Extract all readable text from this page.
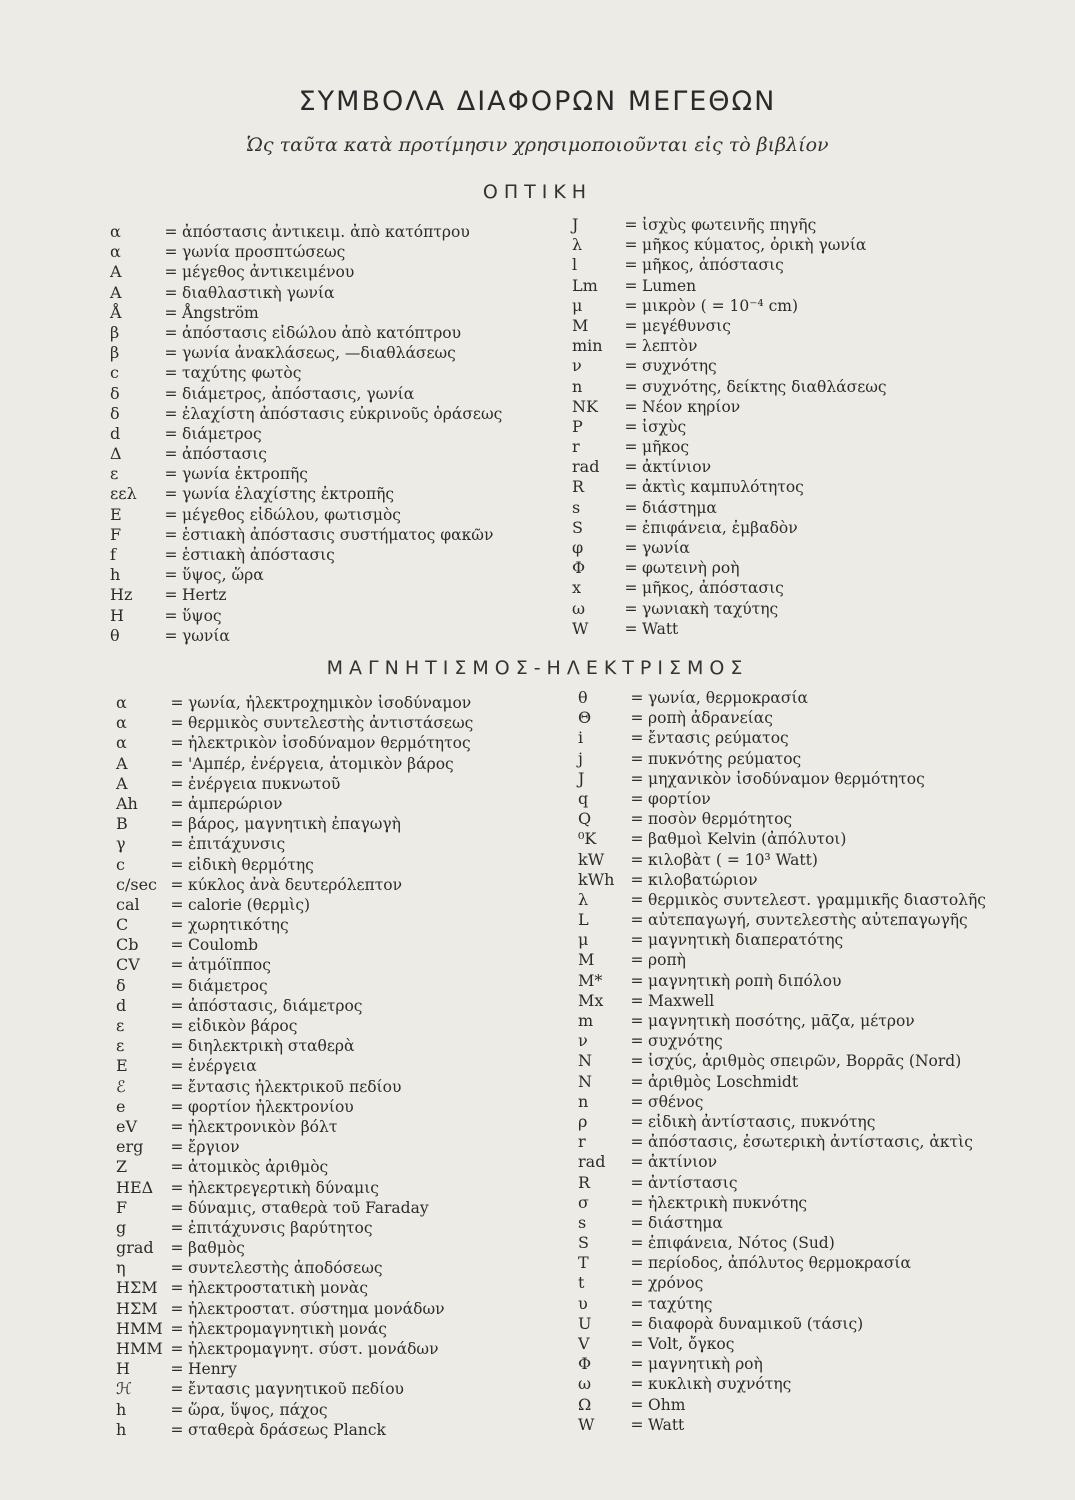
ΣΥΜΒΟΛΑ ΔΙΑΦΟΡΩΝ ΜΕΓΕΘΩΝ
Ὡς ταῦτα κατὰ προτίμησιν χρησιμοποιοῦνται εἰς τὸ βιβλίον
ΟΠΤΙΚΗ
α	= ἀπόστασις ἀντικειμ. ἀπὸ κατόπτρου
α	= γωνία προσπτώσεως
Α	= μέγεθος ἀντικειμένου
Α	= διαθλαστικὴ γωνία
Å	= Ångström
β	= ἀπόστασις εἰδώλου ἀπὸ κατόπτρου
β	= γωνία ἀνακλάσεως, —διαθλάσεως
c	= ταχύτης φωτὸς
δ	= διάμετρος, ἀπόστασις, γωνία
δ	= ἐλαχίστη ἀπόστασις εὐκρινοῦς ὁράσεως
d	= διάμετρος
Δ	= ἀπόστασις
ε	= γωνία ἐκτροπῆς
εελ	= γωνία ἐλαχίστης ἐκτροπῆς
Ε	= μέγεθος εἰδώλου, φωτισμὸς
F	= ἑστιακὴ ἀπόστασις συστήματος φακῶν
f	= ἑστιακὴ ἀπόστασις
h	= ὕψος, ὥρα
Hz	= Hertz
Η	= ὕψος
θ	= γωνία
J	= ἰσχὺς φωτεινῆς πηγῆς
λ	= μῆκος κύματος, ὁρικὴ γωνία
l	= μῆκος, ἀπόστασις
Lm	= Lumen
μ	= μικρὸν ( = 10⁻⁴ cm)
Μ	= μεγέθυνσις
min	= λεπτὸν
ν	= συχνότης
n	= συχνότης, δείκτης διαθλάσεως
NK	= Νέον κηρίον
P	= ἰσχὺς
r	= μῆκος
rad	= ἀκτίνιον
R	= ἀκτὶς καμπυλότητος
s	= διάστημα
S	= ἐπιφάνεια, ἐμβαδὸν
φ	= γωνία
Φ	= φωτεινὴ ροὴ
x	= μῆκος, ἀπόστασις
ω	= γωνιακὴ ταχύτης
W	= Watt
ΜΑΓΝΗΤΙΣΜΟΣ-ΗΛΕΚΤΡΙΣΜΟΣ
α	= γωνία, ἠλεκτροχημικὸν ἰσοδύναμον
α	= θερμικὸς συντελεστὴς ἀντιστάσεως
α	= ἠλεκτρικὸν ἰσοδύναμον θερμότητος
Α	= 'Αμπέρ, ἐνέργεια, ἀτομικὸν βάρος
Α	= ἐνέργεια πυκνωτοῦ
Ah	= ἀμπερώριον
Β	= βάρος, μαγνητικὴ ἐπαγωγὴ
γ	= ἐπιτάχυνσις
c	= εἰδικὴ θερμότης
c/sec = κύκλος ἀνὰ δευτερόλεπτον
cal	= calorie (θερμὶς)
C	= χωρητικότης
Cb	= Coulomb
CV	= ἀτμόϊππος
δ	= διάμετρος
d	= ἀπόστασις, διάμετρος
ε	= εἰδικὸν βάρος
ε	= διηλεκτρικὴ σταθερὰ
Ε	= ἐνέργεια
ℰ	= ἔντασις ἠλεκτρικοῦ πεδίου
e	= φορτίον ἠλεκτρονίου
eV	= ἠλεκτρονικὸν βόλτ
erg	= ἔργιον
Z	= ἀτομικὸς ἀριθμὸς
ΗΕΔ	= ἠλεκτρεγερτικὴ δύναμις
F	= δύναμις, σταθερὰ τοῦ Faraday
g	= ἐπιτάχυνσις βαρύτητος
grad	= βαθμὸς
η	= συντελεστὴς ἀποδόσεως
ΗΣΜ = ἠλεκτροστατικὴ μονὰς
ΗΣΜ = ἠλεκτροστατ. σύστημα μονάδων
ΗΜΜ = ἠλεκτρομαγνητικὴ μονάς
ΗΜΜ = ἠλεκτρομαγνητ. σύστ. μονάδων
Η	= Henry
ℋ	= ἔντασις μαγνητικοῦ πεδίου
h	= ὥρα, ὕψος, πάχος
h	= σταθερὰ δράσεως Planck
θ	= γωνία, θερμοκρασία
Θ	= ροπὴ ἀδρανείας
i	= ἔντασις ρεύματος
j	= πυκνότης ρεύματος
J	= μηχανικὸν ἰσοδύναμον θερμότητος
q	= φορτίον
Q	= ποσὸν θερμότητος
⁰K	= βαθμοὶ Kelvin (ἀπόλυτοι)
kW	= κιλοβὰτ ( = 10³ Watt)
kWh	= κιλοβατώριον
λ	= θερμικὸς συντελεστ. γραμμικῆς διαστολῆς
L	= αὐτεπαγωγή, συντελεστὴς αὐτεπαγωγῆς
μ	= μαγνητικὴ διαπερατότης
M	= ροπὴ
M*	= μαγνητικὴ ροπὴ διπόλου
Mx	= Maxwell
m	= μαγνητικὴ ποσότης, μᾶζα, μέτρον
ν	= συχνότης
Ν	= ἰσχύς, ἀριθμὸς σπειρῶν, Βορρᾶς (Nord)
N	= ἀριθμὸς Loschmidt
n	= σθένος
ρ	= εἰδικὴ ἀντίστασις, πυκνότης
r	= ἀπόστασις, ἐσωτερικὴ ἀντίστασις, ἀκτὶς
rad	= ἀκτίνιον
R	= ἀντίστασις
σ	= ἠλεκτρικὴ πυκνότης
s	= διάστημα
S	= ἐπιφάνεια, Νότος (Sud)
T	= περίοδος, ἀπόλυτος θερμοκρασία
t	= χρόνος
υ	= ταχύτης
U	= διαφορὰ δυναμικοῦ (τάσις)
V	= Volt, ὄγκος
Φ	= μαγνητικὴ ροὴ
ω	= κυκλικὴ συχνότης
Ω	= Ohm
W	= Watt
